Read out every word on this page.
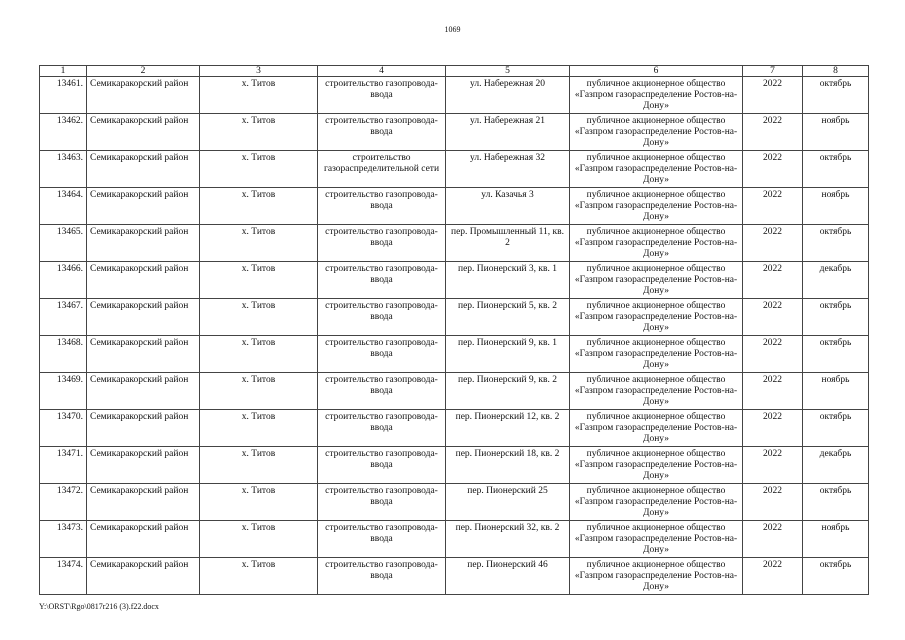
1069
1	2	3	4	5	6	7	8
13461.	Семикаракорский район	х. Титов	строительство газопровода-ввода	ул. Набережная 20	публичное акционерное общество «Газпром газораспределение Ростов-на-Дону»	2022	октябрь
13462.	Семикаракорский район	х. Титов	строительство газопровода-ввода	ул. Набережная 21	публичное акционерное общество «Газпром газораспределение Ростов-на-Дону»	2022	ноябрь
13463.	Семикаракорский район	х. Титов	строительство газораспределительной сети	ул. Набережная 32	публичное акционерное общество «Газпром газораспределение Ростов-на-Дону»	2022	октябрь
13464.	Семикаракорский район	х. Титов	строительство газопровода-ввода	ул. Казачья 3	публичное акционерное общество «Газпром газораспределение Ростов-на-Дону»	2022	ноябрь
13465.	Семикаракорский район	х. Титов	строительство газопровода-ввода	пер. Промышленный 11, кв. 2	публичное акционерное общество «Газпром газораспределение Ростов-на-Дону»	2022	октябрь
13466.	Семикаракорский район	х. Титов	строительство газопровода-ввода	пер. Пионерский 3, кв. 1	публичное акционерное общество «Газпром газораспределение Ростов-на-Дону»	2022	декабрь
13467.	Семикаракорский район	х. Титов	строительство газопровода-ввода	пер. Пионерский 5, кв. 2	публичное акционерное общество «Газпром газораспределение Ростов-на-Дону»	2022	октябрь
13468.	Семикаракорский район	х. Титов	строительство газопровода-ввода	пер. Пионерский 9, кв. 1	публичное акционерное общество «Газпром газораспределение Ростов-на-Дону»	2022	октябрь
13469.	Семикаракорский район	х. Титов	строительство газопровода-ввода	пер. Пионерский 9, кв. 2	публичное акционерное общество «Газпром газораспределение Ростов-на-Дону»	2022	ноябрь
13470.	Семикаракорский район	х. Титов	строительство газопровода-ввода	пер. Пионерский 12, кв. 2	публичное акционерное общество «Газпром газораспределение Ростов-на-Дону»	2022	октябрь
13471.	Семикаракорский район	х. Титов	строительство газопровода-ввода	пер. Пионерский 18, кв. 2	публичное акционерное общество «Газпром газораспределение Ростов-на-Дону»	2022	декабрь
13472.	Семикаракорский район	х. Титов	строительство газопровода-ввода	пер. Пионерский 25	публичное акционерное общество «Газпром газораспределение Ростов-на-Дону»	2022	октябрь
13473.	Семикаракорский район	х. Титов	строительство газопровода-ввода	пер. Пионерский 32, кв. 2	публичное акционерное общество «Газпром газораспределение Ростов-на-Дону»	2022	ноябрь
13474.	Семикаракорский район	х. Титов	строительство газопровода-ввода	пер. Пионерский 46	публичное акционерное общество «Газпром газораспределение Ростов-на-Дону»	2022	октябрь
Y:\ORST\Rgo\0817r216 (3).f22.docx
